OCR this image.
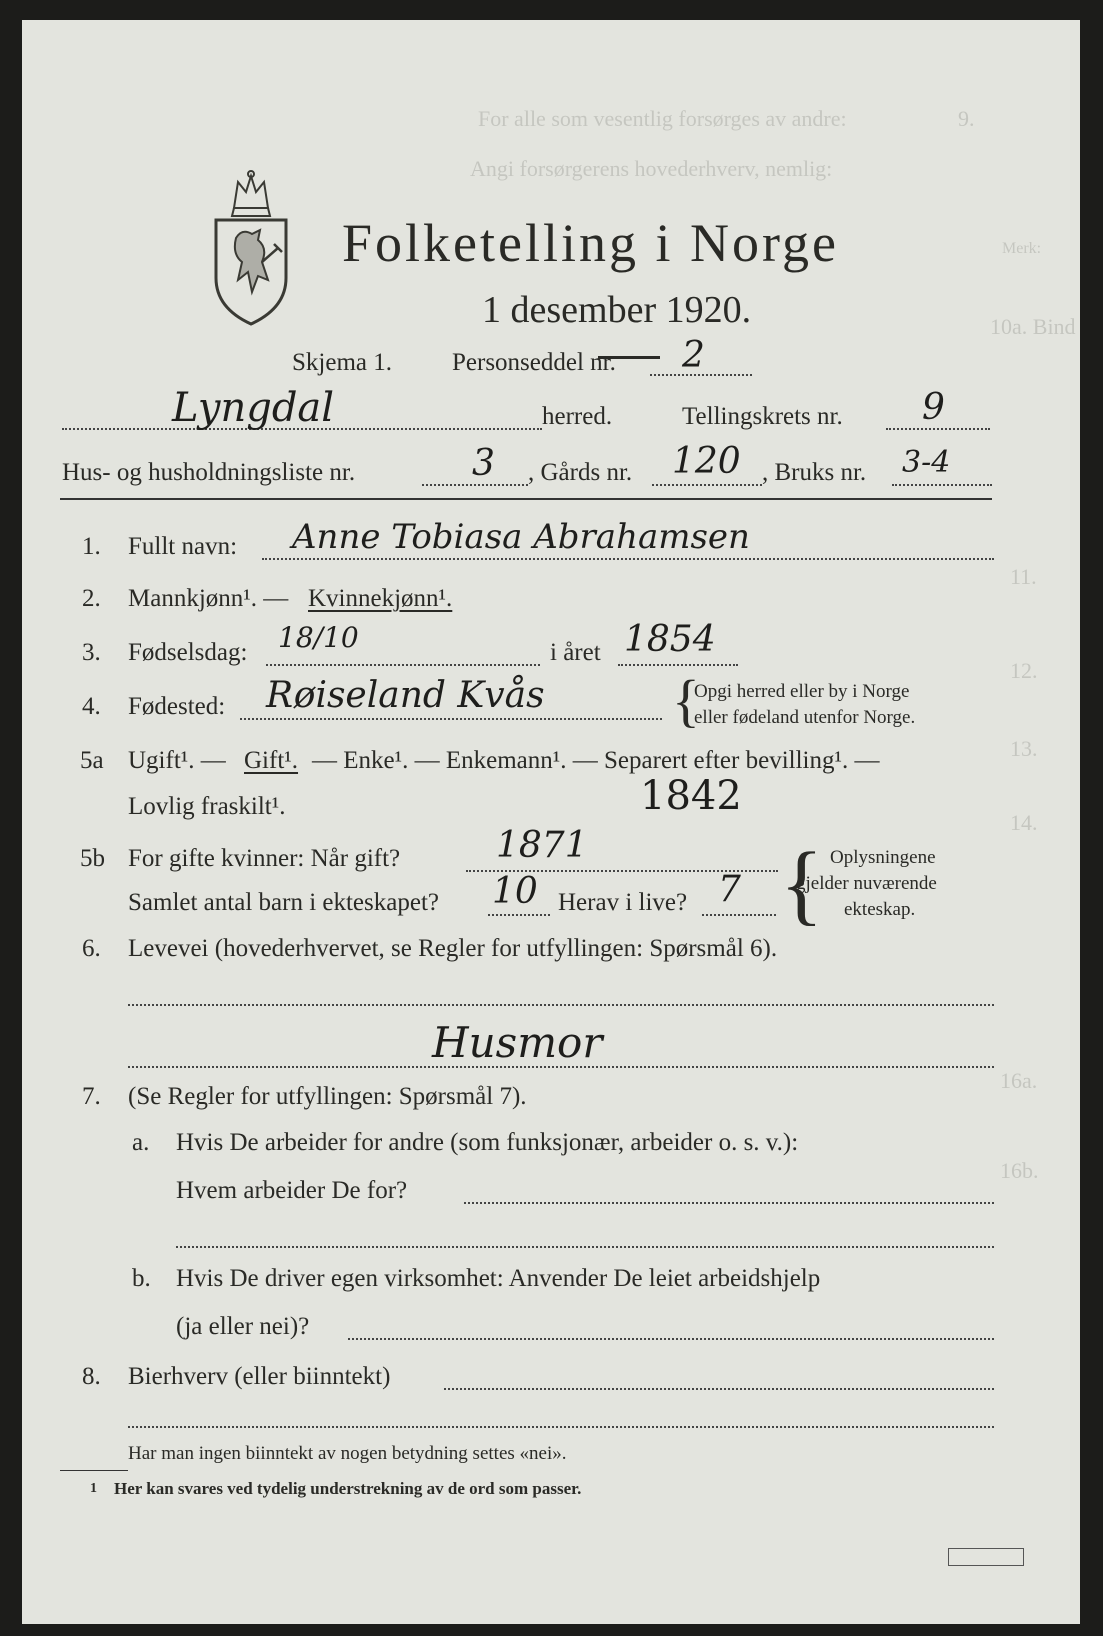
9.
For alle som vesentlig forsørges av andre:
Angi forsørgerens hovederhverv, nemlig:
Merk:
10a. Bind
11.
12.
13.
14.
16a.
16b.
Folketelling i Norge
1 desember 1920.
Skjema 1. Personseddel nr. 2
Lyngdal	herred.	Tellingskrets nr. 9
Hus- og husholdningsliste nr.	3 , Gårds nr. 120 , Bruks nr. 3-4
1. Fullt navn: Anne Tobiasa Abrahamsen
2. Mannkjønn¹. — Kvinnekjønn¹.
3. Fødselsdag: 18/10	i året 1854
4. Fødested: Røiseland Kvås {
Opgi herred eller by i Norge
eller fødeland utenfor Norge.
5a Ugift¹. — Gift¹. — Enke¹. — Enkemann¹. — Separert efter bevilling¹. —
Lovlig fraskilt¹.	1842
5b For gifte kvinner: Når gift?	1871
Samlet antal barn i ekteskapet? 10 Herav i live? 7 { Oplysningene
gjelder nuværende
ekteskap.
6. Levevei (hovederhvervet, se Regler for utfyllingen: Spørsmål 6).
Husmor
7. (Se Regler for utfyllingen: Spørsmål 7).
a. Hvis De arbeider for andre (som funksjonær, arbeider o. s. v.):
Hvem arbeider De for?
b. Hvis De driver egen virksomhet: Anvender De leiet arbeidshjelp
(ja eller nei)?
8. Bierhverv (eller biinntekt)
Har man ingen biinntekt av nogen betydning settes «nei».
1 Her kan svares ved tydelig understrekning av de ord som passer.
